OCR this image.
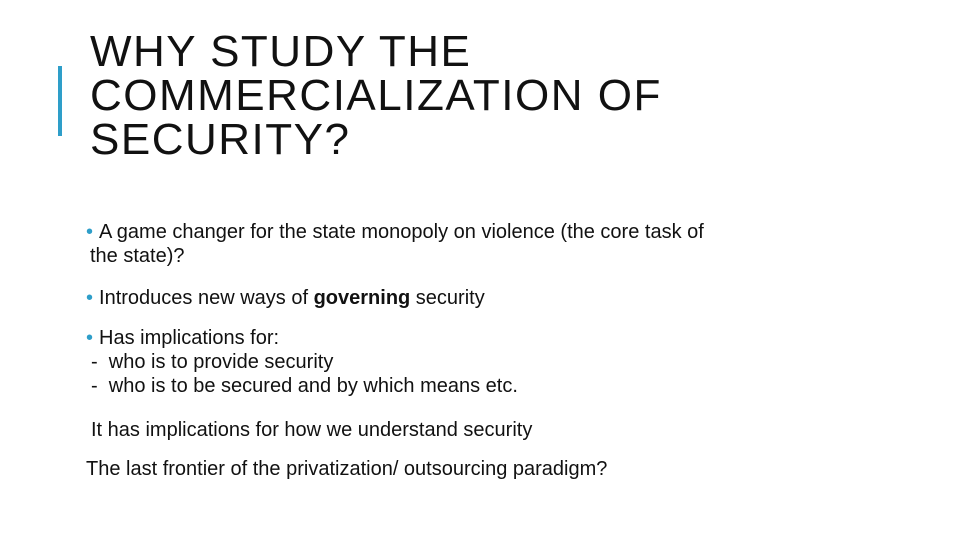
WHY STUDY THE
COMMERCIALIZATION OF
SECURITY?
• A game changer for the state monopoly on violence (the core task of
the state)?
• Introduces new ways of governing security
• Has implications for:
-  who is to provide security
-  who is to be secured and by which means etc.
It has implications for how we understand security
The last frontier of the privatization/ outsourcing paradigm?
